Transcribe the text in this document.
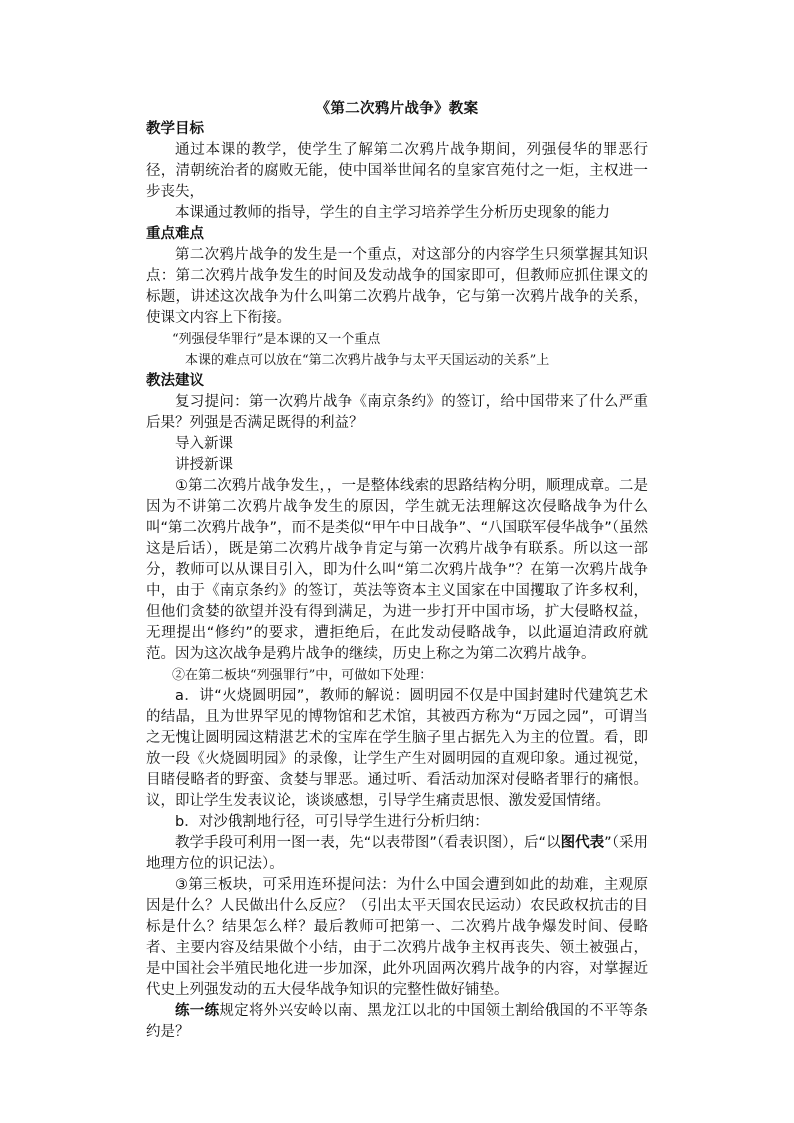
《第二次鸦片战争》教案
教学目标

通过本课的教学，使学生了解第二次鸦片战争期间，列强侵华的罪恶行径，清朝统治者的腐败无能，使中国举世闻名的皇家宫苑付之一炬，主权进一步丧失，

本课通过教师的指导，学生的自主学习培养学生分析历史现象的能力

重点难点

第二次鸦片战争的发生是一个重点，对这部分的内容学生只须掌握其知识点：第二次鸦片战争发生的时间及发动战争的国家即可，但教师应抓住课文的标题，讲述这次战争为什么叫第二次鸦片战争，它与第一次鸦片战争的关系，使课文内容上下衔接。

“列强侵华罪行”是本课的又一个重点

本课的难点可以放在“第二次鸦片战争与太平天国运动的关系”上

教法建议

复习提问：第一次鸦片战争《南京条约》的签订，给中国带来了什么严重后果？列强是否满足既得的利益？

导入新课

讲授新课

①第二次鸦片战争发生，，一是整体线索的思路结构分明，顺理成章。二是因为不讲第二次鸦片战争发生的原因，学生就无法理解这次侵略战争为什么叫“第二次鸦片战争”，而不是类似“甲午中日战争”、“八国联军侵华战争”（虽然这是后话），既是第二次鸦片战争肯定与第一次鸦片战争有联系。所以这一部分，教师可以从课目引入，即为什么叫“第二次鸦片战争”？在第一次鸦片战争中，由于《南京条约》的签订，英法等资本主义国家在中国攫取了许多权利，但他们贪婪的欲望并没有得到满足，为进一步打开中国市场，扩大侵略权益，无理提出“修约”的要求，遭拒绝后，在此发动侵略战争，以此逼迫清政府就范。因为这次战争是鸦片战争的继续，历史上称之为第二次鸦片战争。

②在第二板块“列强罪行”中，可做如下处理：

a．讲“火烧圆明园”，教师的解说：圆明园不仅是中国封建时代建筑艺术的结晶，且为世界罕见的博物馆和艺术馆，其被西方称为“万园之园”，可谓当之无愧让圆明园这精湛艺术的宝库在学生脑子里占据先入为主的位置。看，即放一段《火烧圆明园》的录像，让学生产生对圆明园的直观印象。通过视觉，目睹侵略者的野蛮、贪婪与罪恶。通过听、看活动加深对侵略者罪行的痛恨。议，即让学生发表议论，谈谈感想，引导学生痛责思恨、激发爱国情绪。

b．对沙俄割地行径，可引导学生进行分析归纳：

教学手段可利用一图一表，先“以表带图”（看表识图），后“以图代表”（采用地理方位的识记法）。

③第三板块，可采用连环提问法：为什么中国会遭到如此的劫难，主观原因是什么？人民做出什么反应？（引出太平天国农民运动）农民政权抗击的目标是什么？结果怎么样？最后教师可把第一、二次鸦片战争爆发时间、侵略者、主要内容及结果做个小结，由于二次鸦片战争主权再丧失、领土被强占，是中国社会半殖民地化进一步加深，此外巩固两次鸦片战争的内容，对掌握近代史上列强发动的五大侵华战争知识的完整性做好铺垫。

练一练规定将外兴安岭以南、黑龙江以北的中国领土割给俄国的不平等条约是？
